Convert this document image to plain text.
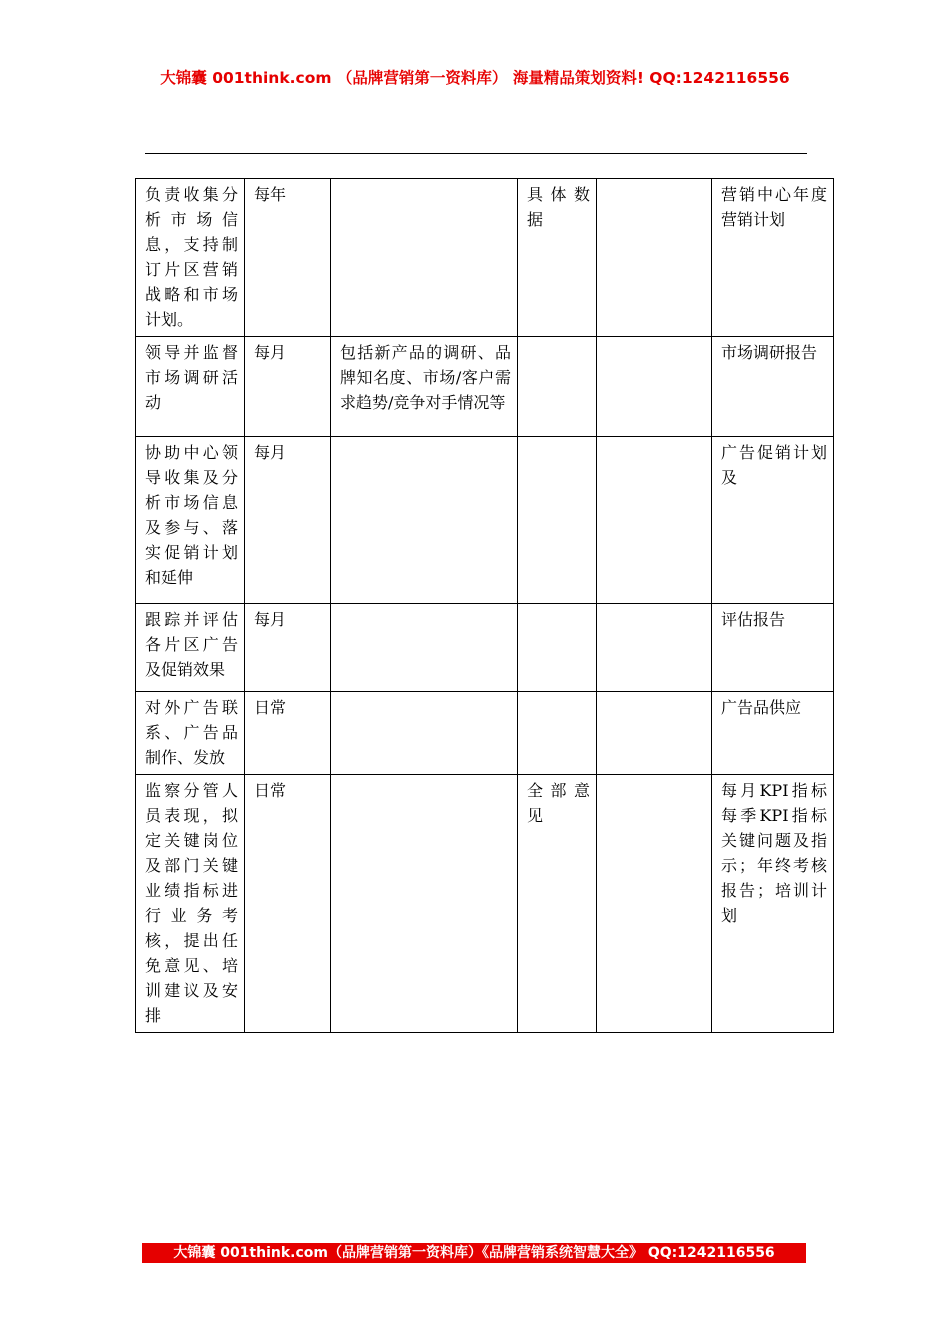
大锦囊 001think.com （品牌营销第一资料库） 海量精品策划资料! QQ:1242116556
负责收集分析市场信息，支持制订片区营销战略和市场计划。	每年		具体数据		营销中心年度营销计划
领导并监督市场调研活动	每月	包括新产品的调研、品牌知名度、市场/客户需求趋势/竞争对手情况等			市场调研报告
协助中心领导收集及分析市场信息及参与、落实促销计划和延伸	每月				广告促销计划及
跟踪并评估各片区广告及促销效果	每月				评估报告
对外广告联系、广告品制作、发放	日常				广告品供应
监察分管人员表现，拟定关键岗位及部门关键业绩指标进行业务考核，提出任免意见、培训建议及安排	日常		全部意见		每月KPI指标每季KPI指标关键问题及指示；年终考核报告；培训计划
大锦囊 001think.com（品牌营销第一资料库）《品牌营销系统智慧大全》 QQ:1242116556
